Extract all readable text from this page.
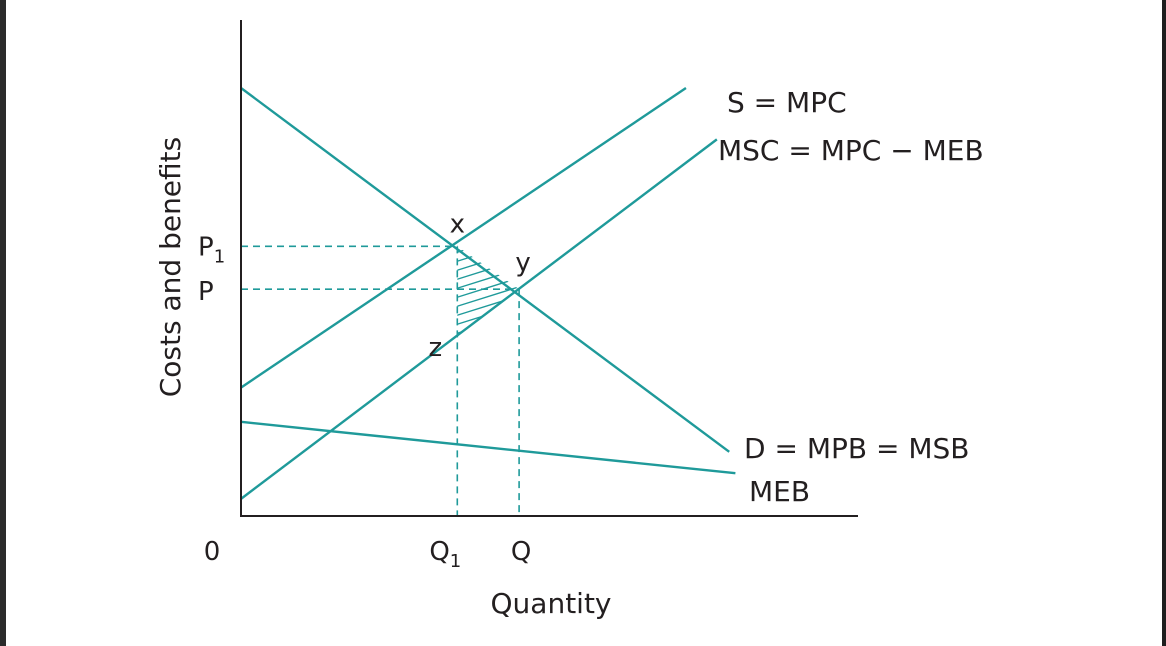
0
Quantity
Costs and benefits
S = MPC
MSC = MPC − MEB
D = MPB = MSB
MEB
x
y
z
$Q_1$ Q
$P_1$
P
